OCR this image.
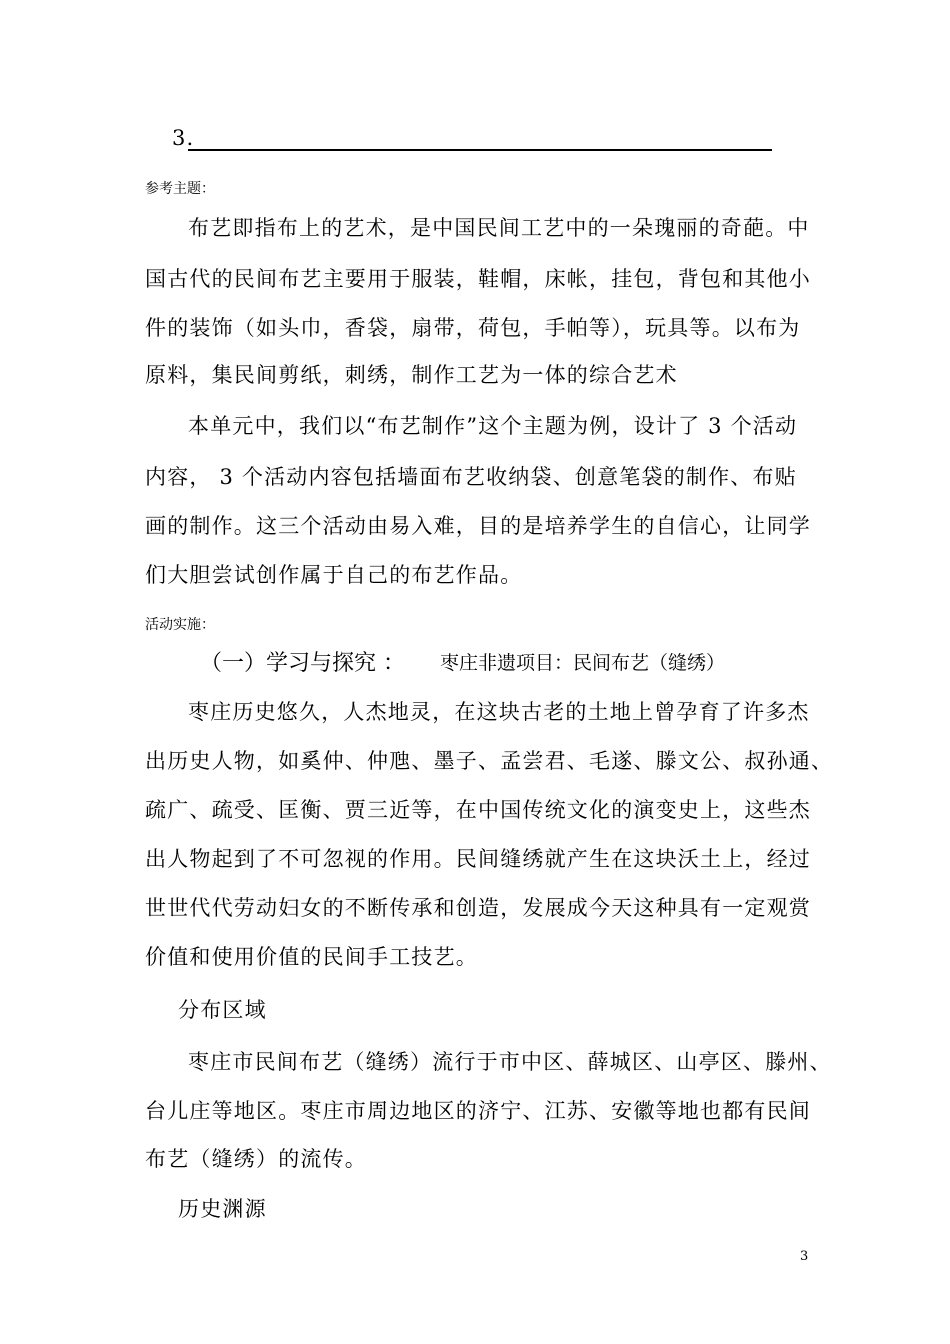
3.
参考主题：
布艺即指布上的艺术，是中国民间工艺中的一朵瑰丽的奇葩。中
国古代的民间布艺主要用于服装，鞋帽，床帐，挂包，背包和其他小
件的装饰（如头巾，香袋，扇带，荷包，手帕等），玩具等。以布为
原料，集民间剪纸，刺绣，制作工艺为一体的综合艺术
本单元中，我们以“布艺制作”这个主题为例，设计了 3 个活动
内容， 3 个活动内容包括墙面布艺收纳袋、创意笔袋的制作、布贴
画的制作。这三个活动由易入难，目的是培养学生的自信心，让同学
们大胆尝试创作属于自己的布艺作品。
活动实施：
（一）学习与探究 ： 枣庄非遗项目：民间布艺（缝绣）
枣庄历史悠久，人杰地灵，在这块古老的土地上曾孕育了许多杰
出历史人物，如奚仲、仲虺、墨子、孟尝君、毛遂、滕文公、叔孙通、
疏广、疏受、匡衡、贾三近等，在中国传统文化的演变史上，这些杰
出人物起到了不可忽视的作用。民间缝绣就产生在这块沃土上，经过
世世代代劳动妇女的不断传承和创造，发展成今天这种具有一定观赏
价值和使用价值的民间手工技艺。
分布区域
枣庄市民间布艺（缝绣）流行于市中区、薛城区、山亭区、滕州、
台儿庄等地区。枣庄市周边地区的济宁、江苏、安徽等地也都有民间
布艺（缝绣）的流传。
历史渊源
3
